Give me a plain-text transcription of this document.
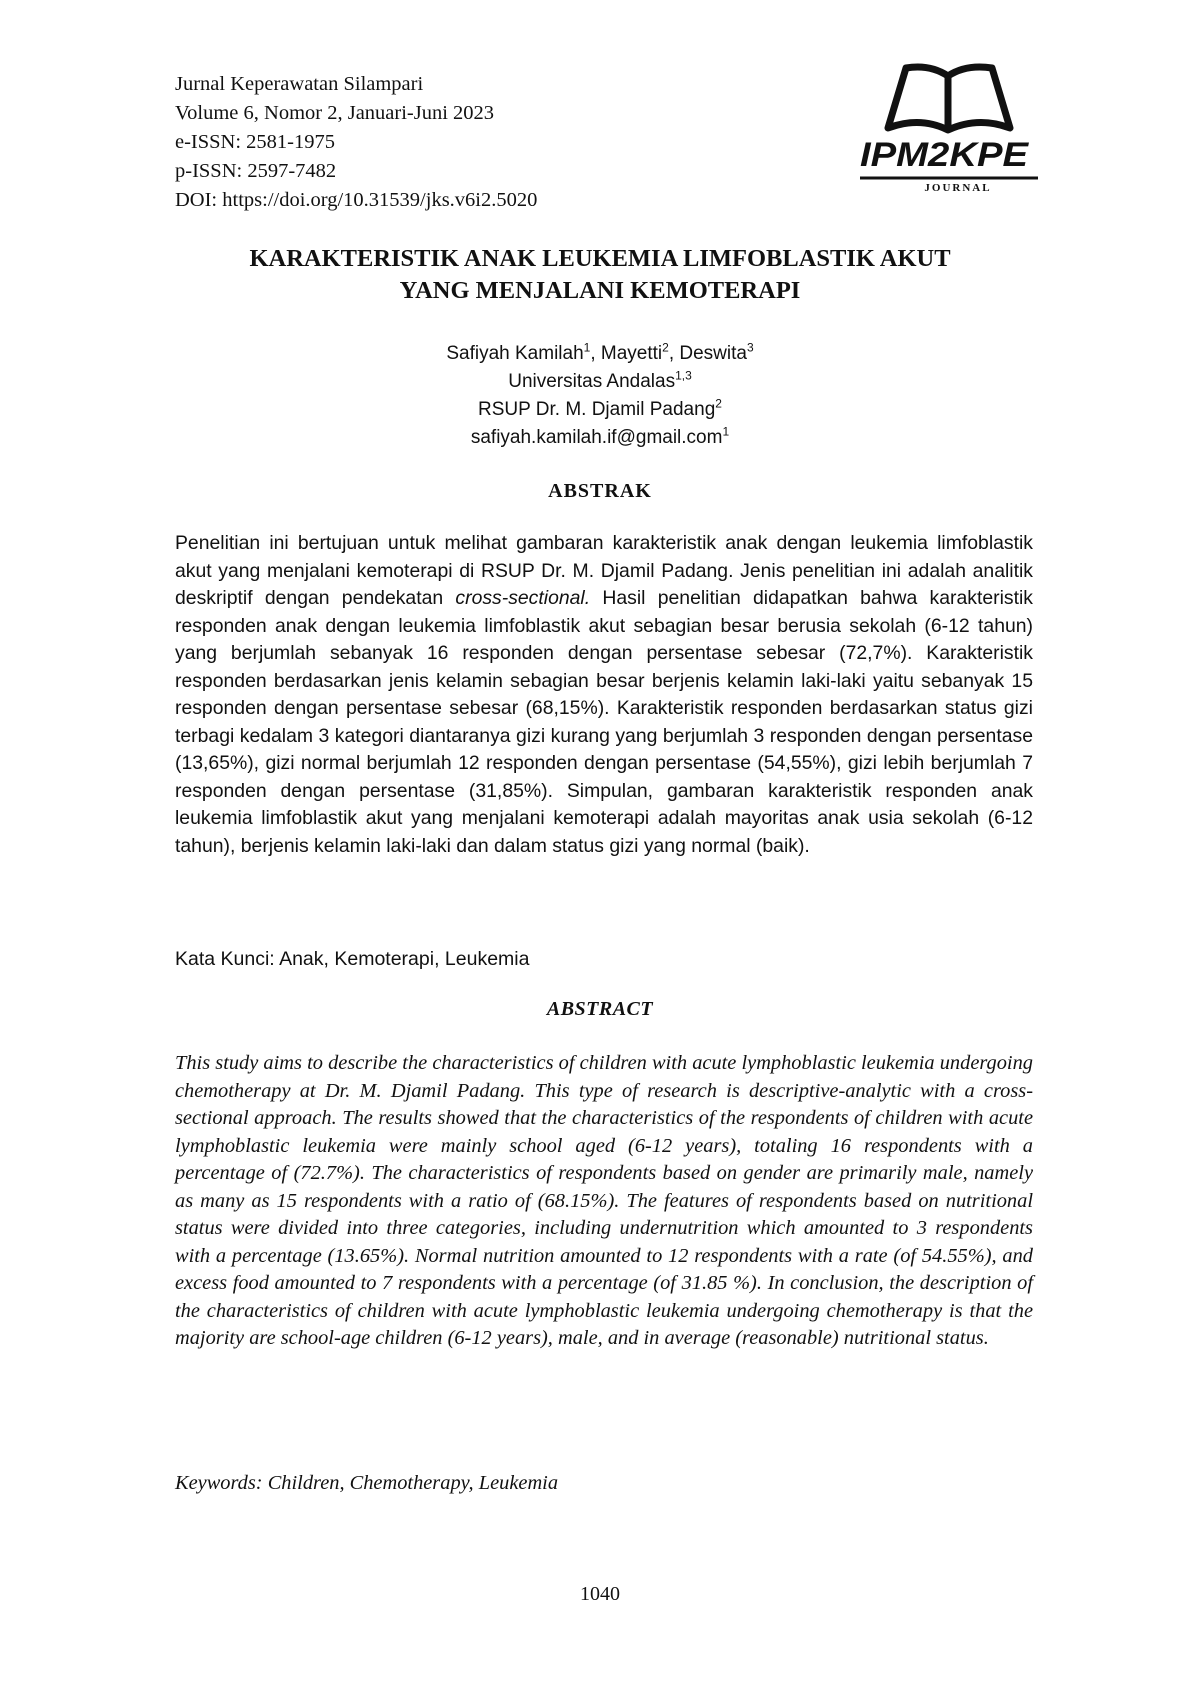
Jurnal Keperawatan Silampari
Volume 6, Nomor 2, Januari-Juni 2023
e-ISSN: 2581-1975
p-ISSN: 2597-7482
DOI: https://doi.org/10.31539/jks.v6i2.5020
IPM2KPE
JOURNAL
KARAKTERISTIK ANAK LEUKEMIA LIMFOBLASTIK AKUT
YANG MENJALANI KEMOTERAPI
Safiyah Kamilah$^1$, Mayetti$^2$, Deswita$^3$
Universitas Andalas$^{1,3}$
RSUP Dr. M. Djamil Padang$^2$
safiyah.kamilah.if@gmail.com$^1$
ABSTRAK
Penelitian ini bertujuan untuk melihat gambaran karakteristik anak dengan leukemia limfoblastik akut yang menjalani kemoterapi di RSUP Dr. M. Djamil Padang. Jenis penelitian ini adalah analitik deskriptif dengan pendekatan cross-sectional. Hasil penelitian didapatkan bahwa karakteristik responden anak dengan leukemia limfoblastik akut sebagian besar berusia sekolah (6-12 tahun) yang berjumlah sebanyak 16 responden dengan persentase sebesar (72,7%). Karakteristik responden berdasarkan jenis kelamin sebagian besar berjenis kelamin laki-laki yaitu sebanyak 15 responden dengan persentase sebesar (68,15%). Karakteristik responden berdasarkan status gizi terbagi kedalam 3 kategori diantaranya gizi kurang yang berjumlah 3 responden dengan persentase (13,65%), gizi normal berjumlah 12 responden dengan persentase (54,55%), gizi lebih berjumlah 7 responden dengan persentase (31,85%). Simpulan, gambaran karakteristik responden anak leukemia limfoblastik akut yang menjalani kemoterapi adalah mayoritas anak usia sekolah (6-12 tahun), berjenis kelamin laki-laki dan dalam status gizi yang normal (baik).
Kata Kunci: Anak, Kemoterapi, Leukemia
ABSTRACT
This study aims to describe the characteristics of children with acute lymphoblastic leukemia undergoing chemotherapy at Dr. M. Djamil Padang. This type of research is descriptive-analytic with a cross-sectional approach. The results showed that the characteristics of the respondents of children with acute lymphoblastic leukemia were mainly school aged (6-12 years), totaling 16 respondents with a percentage of (72.7%). The characteristics of respondents based on gender are primarily male, namely as many as 15 respondents with a ratio of (68.15%). The features of respondents based on nutritional status were divided into three categories, including undernutrition which amounted to 3 respondents with a percentage (13.65%). Normal nutrition amounted to 12 respondents with a rate (of 54.55%), and excess food amounted to 7 respondents with a percentage (of 31.85 %). In conclusion, the description of the characteristics of children with acute lymphoblastic leukemia undergoing chemotherapy is that the majority are school-age children (6-12 years), male, and in average (reasonable) nutritional status.
Keywords: Children, Chemotherapy, Leukemia
1040
